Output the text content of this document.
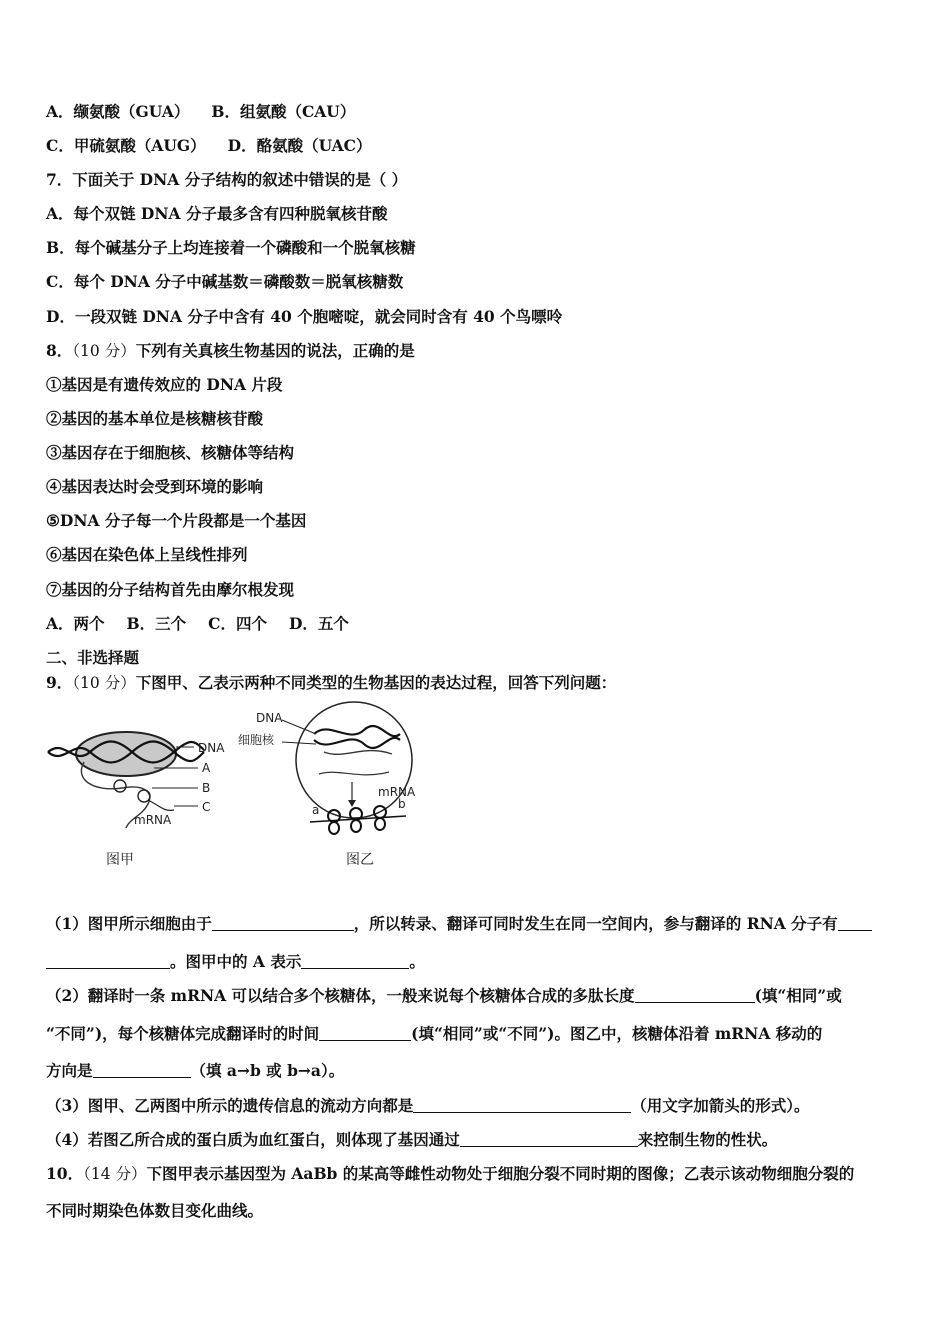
A．缬氨酸（GUA） B．组氨酸（CAU）
C．甲硫氨酸（AUG） D．酪氨酸（UAC）
7．下面关于 DNA 分子结构的叙述中错误的是（ ）
A．每个双链 DNA 分子最多含有四种脱氧核苷酸
B．每个碱基分子上均连接着一个磷酸和一个脱氧核糖
C．每个 DNA 分子中碱基数＝磷酸数＝脱氧核糖数
D．一段双链 DNA 分子中含有 40 个胞嘧啶，就会同时含有 40 个鸟嘌呤
8．（10 分）下列有关真核生物基因的说法，正确的是
①基因是有遗传效应的 DNA 片段
②基因的基本单位是核糖核苷酸
③基因存在于细胞核、核糖体等结构
④基因表达时会受到环境的影响
⑤DNA 分子每一个片段都是一个基因
⑥基因在染色体上呈线性排列
⑦基因的分子结构首先由摩尔根发现
A．两个 B．三个 C．四个 D．五个
二、非选择题
9．（10 分）下图甲、乙表示两种不同类型的生物基因的表达过程，回答下列问题：
DNA
A
B
C
mRNA
图甲
DNA
细胞核
mRNA
a	b
图乙
（1）图甲所示细胞由于	，所以转录、翻译可同时发生在同一空间内，参与翻译的 RNA 分子有
。图甲中的 A 表示	。
（2）翻译时一条 mRNA 可以结合多个核糖体，一般来说每个核糖体合成的多肽长度	(填“相同”或
“不同”)，每个核糖体完成翻译时的时间	(填“相同”或“不同”)。图乙中，核糖体沿着 mRNA 移动的
方向是	（填 a→b 或 b→a）。
（3）图甲、乙两图中所示的遗传信息的流动方向都是	（用文字加箭头的形式）。
（4）若图乙所合成的蛋白质为血红蛋白，则体现了基因通过	来控制生物的性状。
10．（14 分）下图甲表示基因型为 AaBb 的某高等雌性动物处于细胞分裂不同时期的图像；乙表示该动物细胞分裂的
不同时期染色体数目变化曲线。
